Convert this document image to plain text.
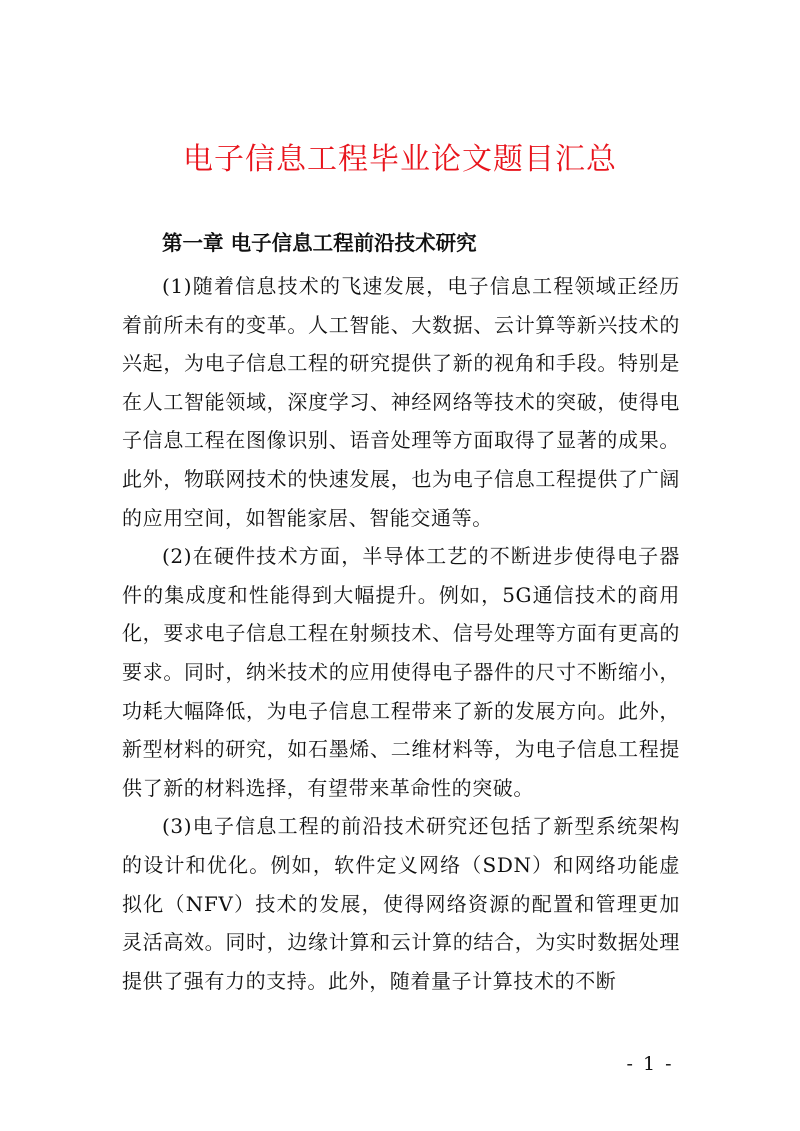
电子信息工程毕业论文题目汇总
第一章 电子信息工程前沿技术研究

(1)随着信息技术的飞速发展，电子信息工程领域正经历着前所未有的变革。人工智能、大数据、云计算等新兴技术的兴起，为电子信息工程的研究提供了新的视角和手段。特别是在人工智能领域，深度学习、神经网络等技术的突破，使得电子信息工程在图像识别、语音处理等方面取得了显著的成果。此外，物联网技术的快速发展，也为电子信息工程提供了广阔的应用空间，如智能家居、智能交通等。

(2)在硬件技术方面，半导体工艺的不断进步使得电子器件的集成度和性能得到大幅提升。例如，5G通信技术的商用化，要求电子信息工程在射频技术、信号处理等方面有更高的要求。同时，纳米技术的应用使得电子器件的尺寸不断缩小，功耗大幅降低，为电子信息工程带来了新的发展方向。此外，新型材料的研究，如石墨烯、二维材料等，为电子信息工程提供了新的材料选择，有望带来革命性的突破。

(3)电子信息工程的前沿技术研究还包括了新型系统架构的设计和优化。例如，软件定义网络（SDN）和网络功能虚拟化（NFV）技术的发展，使得网络资源的配置和管理更加灵活高效。同时，边缘计算和云计算的结合，为实时数据处理提供了强有力的支持。此外，随着量子计算技术的不断

- 1 -
